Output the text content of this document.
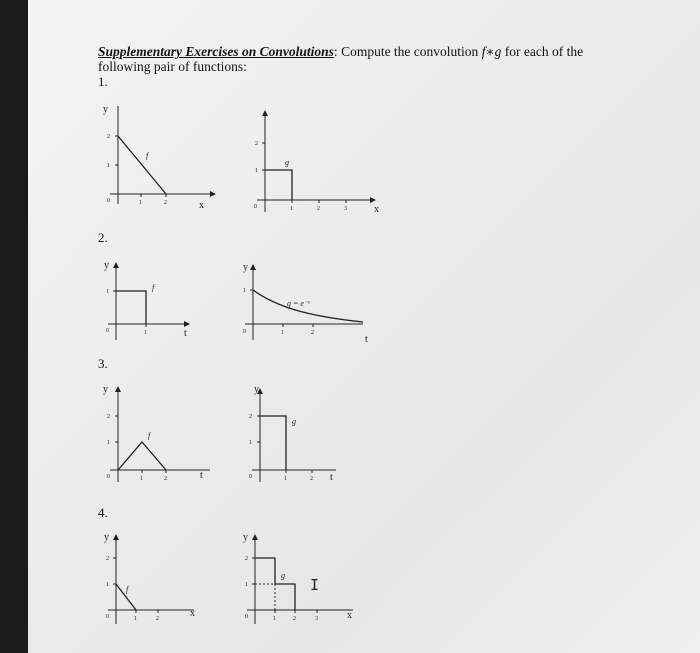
Supplementary Exercises on Convolutions: Compute the convolution f∗g for each of the
following pair of functions:
1.
y
x
0	1	2
1
2
f
0	1	2	3
1
2
x
g
2.
y
f
1
0	1	t
y
g = e⁻ᵗ
1
0	1	2
t
3.
y
2
1
f
0	1	2	t
y
2
1
g
0	1	2 t
4.
y
2
1 f
0	1	2	x
y
2
1
g
0	1	2	3	x
I
